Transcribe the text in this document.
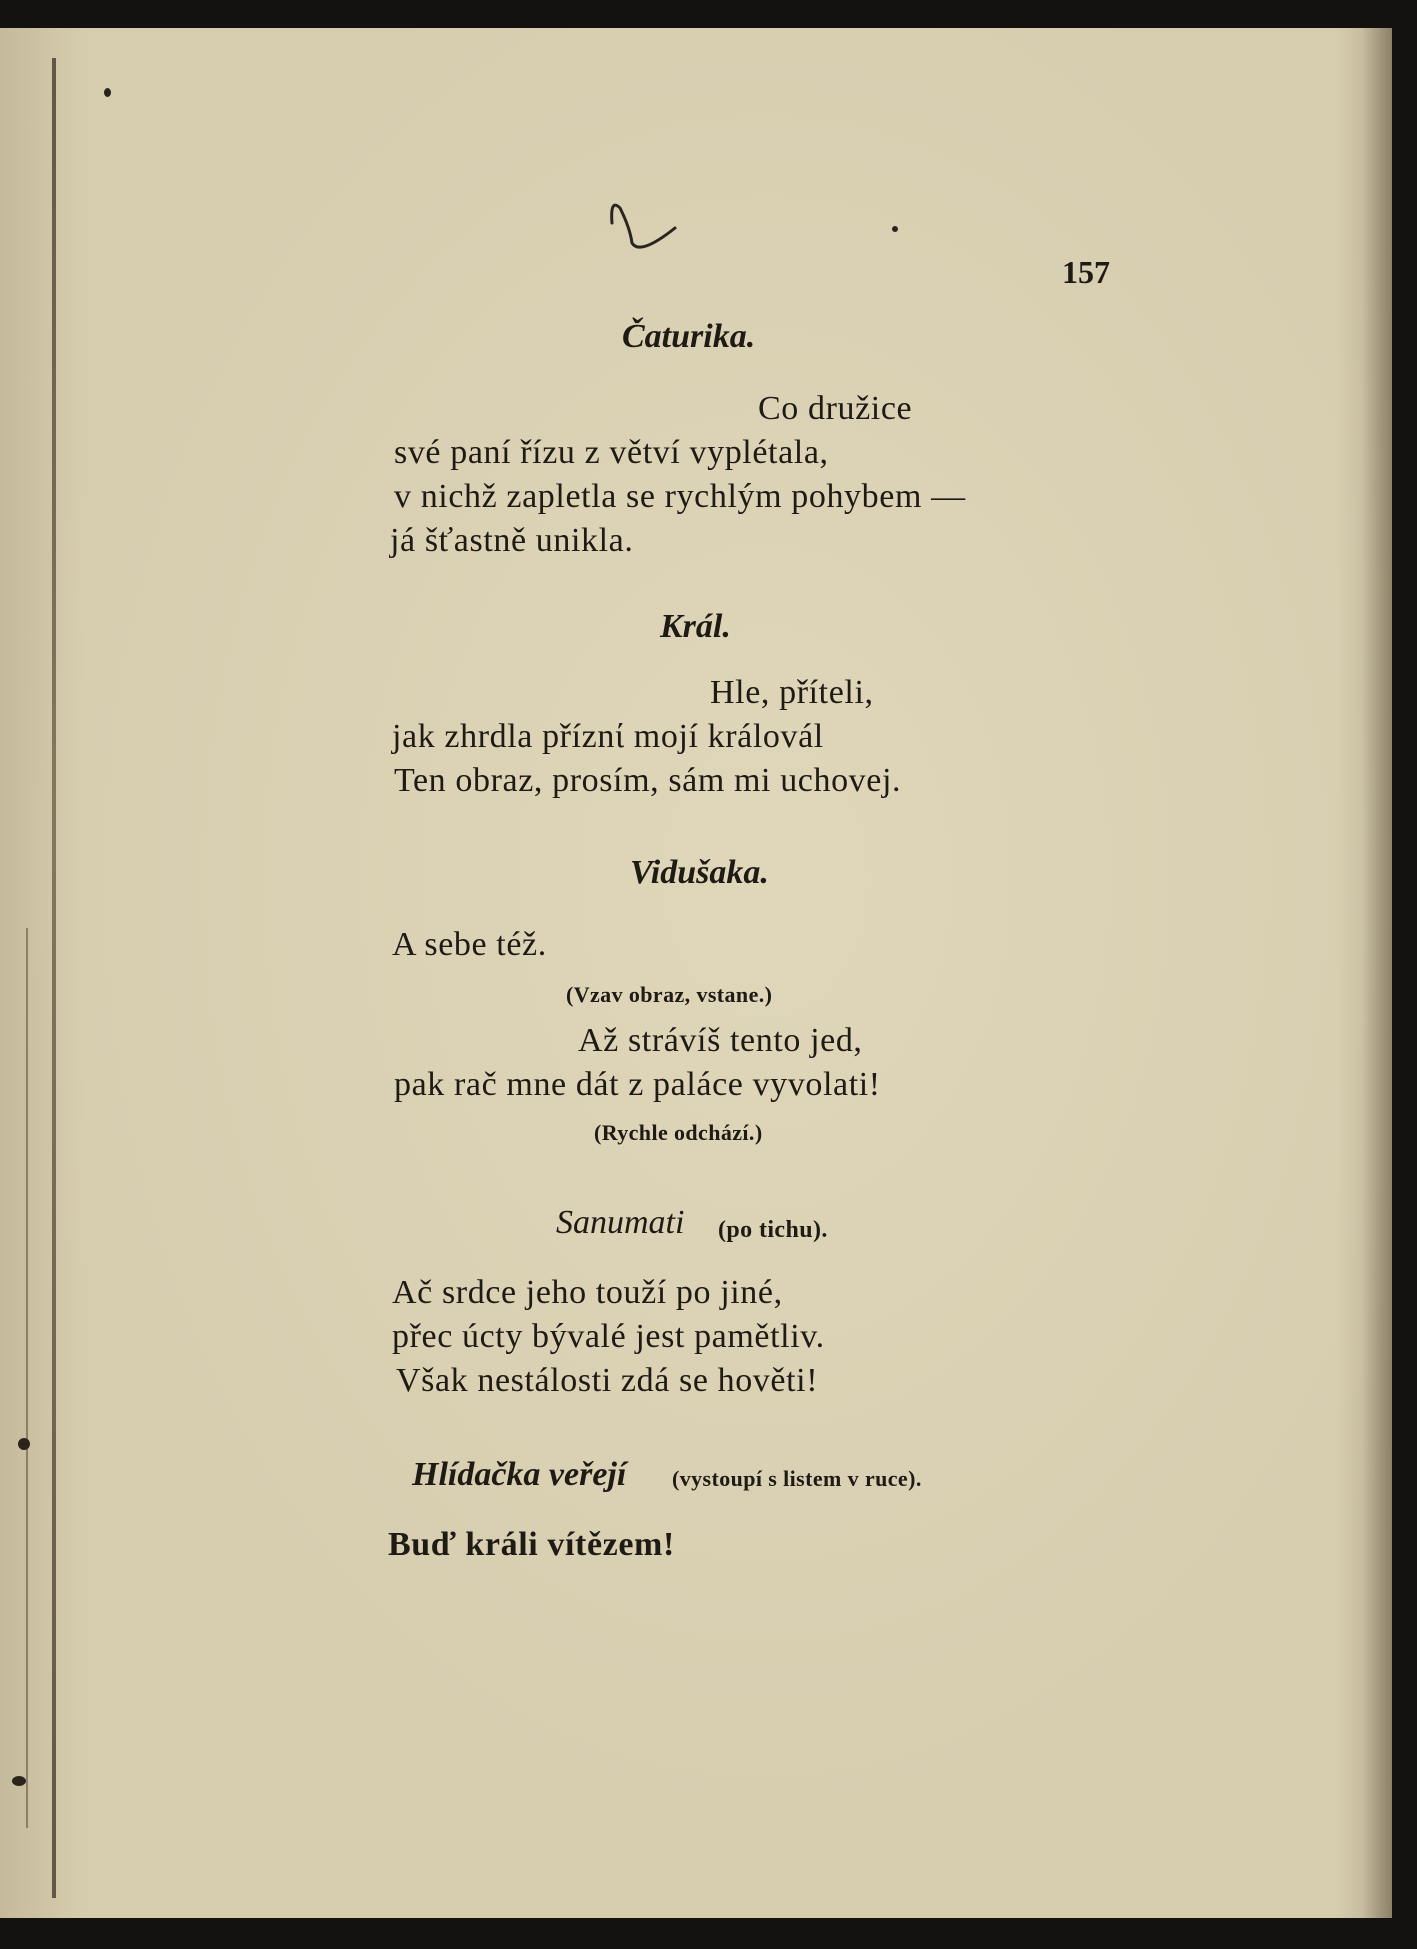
157
Čaturika.
Co družice
své paní řízu z větví vyplétala,
v nichž zapletla se rychlým pohybem —
já šťastně unikla.
Král.
Hle, příteli,
jak zhrdla příznί mojí královál
Ten obraz, prosím, sám mi uchovej.
Vidušaka.
A sebe též.
(Vzav obraz, vstane.)
Až strávíš tento jed,
pak rač mne dát z paláce vyvolati!
(Rychle odchází.)
Sanumati (po tichu).
Ač srdce jeho touží po jiné,
přec úcty bývalé jest pamětliv.
Však nestálosti zdá se hověti!
Hlídačka veřejí (vystoupí s listem v ruce).
Buď králi vítězem!
